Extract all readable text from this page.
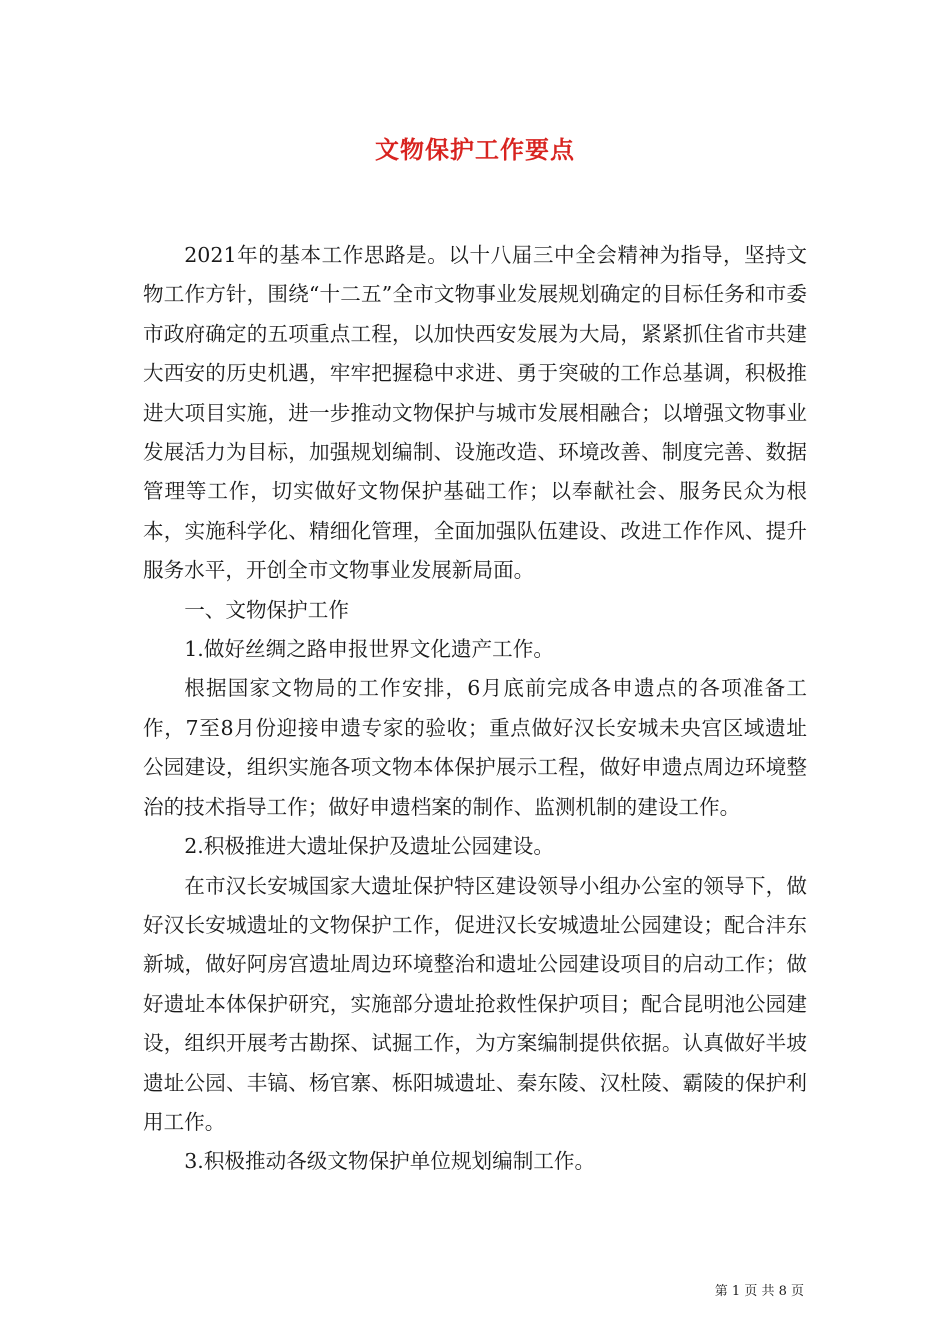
文物保护工作要点

2021年的基本工作思路是。以十八届三中全会精神为指导，坚持文物工作方针，围绕“十二五”全市文物事业发展规划确定的目标任务和市委市政府确定的五项重点工程，以加快西安发展为大局，紧紧抓住省市共建大西安的历史机遇，牢牢把握稳中求进、勇于突破的工作总基调，积极推进大项目实施，进一步推动文物保护与城市发展相融合；以增强文物事业发展活力为目标，加强规划编制、设施改造、环境改善、制度完善、数据管理等工作，切实做好文物保护基础工作；以奉献社会、服务民众为根本，实施科学化、精细化管理，全面加强队伍建设、改进工作作风、提升服务水平，开创全市文物事业发展新局面。

一、文物保护工作

1.做好丝绸之路申报世界文化遗产工作。

根据国家文物局的工作安排，6月底前完成各申遗点的各项准备工作，7至8月份迎接申遗专家的验收；重点做好汉长安城未央宫区域遗址公园建设，组织实施各项文物本体保护展示工程，做好申遗点周边环境整治的技术指导工作；做好申遗档案的制作、监测机制的建设工作。

2.积极推进大遗址保护及遗址公园建设。

在市汉长安城国家大遗址保护特区建设领导小组办公室的领导下，做好汉长安城遗址的文物保护工作，促进汉长安城遗址公园建设；配合沣东新城，做好阿房宫遗址周边环境整治和遗址公园建设项目的启动工作；做好遗址本体保护研究，实施部分遗址抢救性保护项目；配合昆明池公园建设，组织开展考古勘探、试掘工作，为方案编制提供依据。认真做好半坡遗址公园、丰镐、杨官寨、栎阳城遗址、秦东陵、汉杜陵、霸陵的保护利用工作。

3.积极推动各级文物保护单位规划编制工作。

第 1 页 共 8 页
